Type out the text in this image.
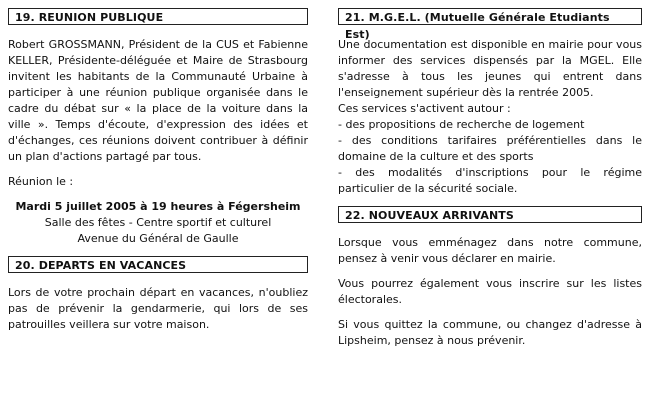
19. REUNION PUBLIQUE

Robert GROSSMANN, Président de la CUS et Fabienne KELLER, Présidente-déléguée et Maire de Strasbourg invitent les habitants de la Communauté Urbaine à participer à une réunion publique organisée dans le cadre du débat sur « la place de la voiture dans la ville ». Temps d'écoute, d'expression des idées et d'échanges, ces réunions doivent contribuer à définir un plan d'actions partagé par tous.

Réunion le :

Mardi 5 juillet 2005 à 19 heures à Fégersheim

Salle des fêtes - Centre sportif et culturel

Avenue du Général de Gaulle

20. DEPARTS EN VACANCES

Lors de votre prochain départ en vacances, n'oubliez pas de prévenir la gendarmerie, qui lors de ses patrouilles veillera sur votre maison.

21. M.G.E.L. (Mutuelle Générale Etudiants Est)

Une documentation est disponible en mairie pour vous informer des services dispensés par la MGEL. Elle s'adresse à tous les jeunes qui entrent dans l'enseignement supérieur dès la rentrée 2005.

Ces services s'activent autour :

- des propositions de recherche de logement

- des conditions tarifaires préférentielles dans le domaine de la culture et des sports

- des modalités d'inscriptions pour le régime particulier de la sécurité sociale.

22. NOUVEAUX ARRIVANTS

Lorsque vous emménagez dans notre commune, pensez à venir vous déclarer en mairie.

Vous pourrez également vous inscrire sur les listes électorales.

Si vous quittez la commune, ou changez d'adresse à Lipsheim, pensez à nous prévenir.
